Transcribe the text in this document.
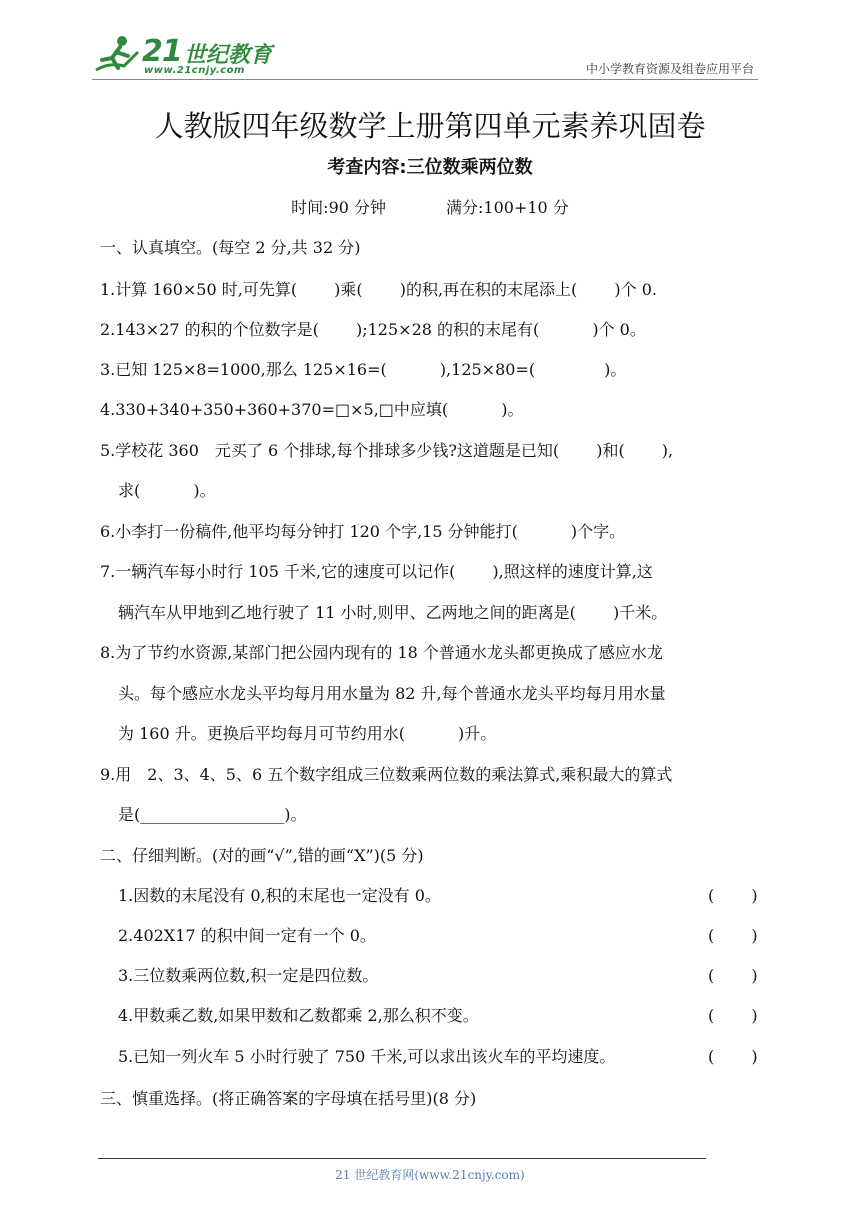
21 世纪教育
www.21cnjy.com	中小学教育资源及组卷应用平台
人教版四年级数学上册第四单元素养巩固卷
考查内容:三位数乘两位数
时间:90 分钟	满分:100+10 分
一、认真填空。(每空 2 分,共 32 分)
1.计算 160×50 时,可先算(　　 )乘(　　 )的积,再在积的末尾添上(　　 )个 0.
2.143×27 的积的个位数字是(　　 );125×28 的积的末尾有(　　　 )个 0。
3.已知 125×8=1000,那么 125×16=(　　　 ),125×80=(　　　　 )。
4.330+340+350+360+370=□×5,□中应填(　　　 )。
5.学校花 360　元买了 6 个排球,每个排球多少钱?这道题是已知(　　 )和(　　 ),
求(　　　 )。
6.小李打一份稿件,他平均每分钟打 120 个字,15 分钟能打(　　　 )个字。
7.一辆汽车每小时行 105 千米,它的速度可以记作(　　 ),照这样的速度计算,这
辆汽车从甲地到乙地行驶了 11 小时,则甲、乙两地之间的距离是(　　 )千米。
8.为了节约水资源,某部门把公园内现有的 18 个普通水龙头都更换成了感应水龙
头。每个感应水龙头平均每月用水量为 82 升,每个普通水龙头平均每月用水量
为 160 升。更换后平均每月可节约用水(　　　 )升。
9.用　2、3、4、5、6 五个数字组成三位数乘两位数的乘法算式,乘积最大的算式
是(__________________)。
二、仔细判断。(对的画“√”,错的画“X”)(5 分)
1.因数的末尾没有 0,积的末尾也一定没有 0。	(　　 )
2.402X17 的积中间一定有一个 0。	(　　 )
3.三位数乘两位数,积一定是四位数。	(　　 )
4.甲数乘乙数,如果甲数和乙数都乘 2,那么积不变。	(　　 )
5.已知一列火车 5 小时行驶了 750 千米,可以求出该火车的平均速度。	(　　 )
三、慎重选择。(将正确答案的字母填在括号里)(8 分)
21 世纪教育网(www.21cnjy.com)
